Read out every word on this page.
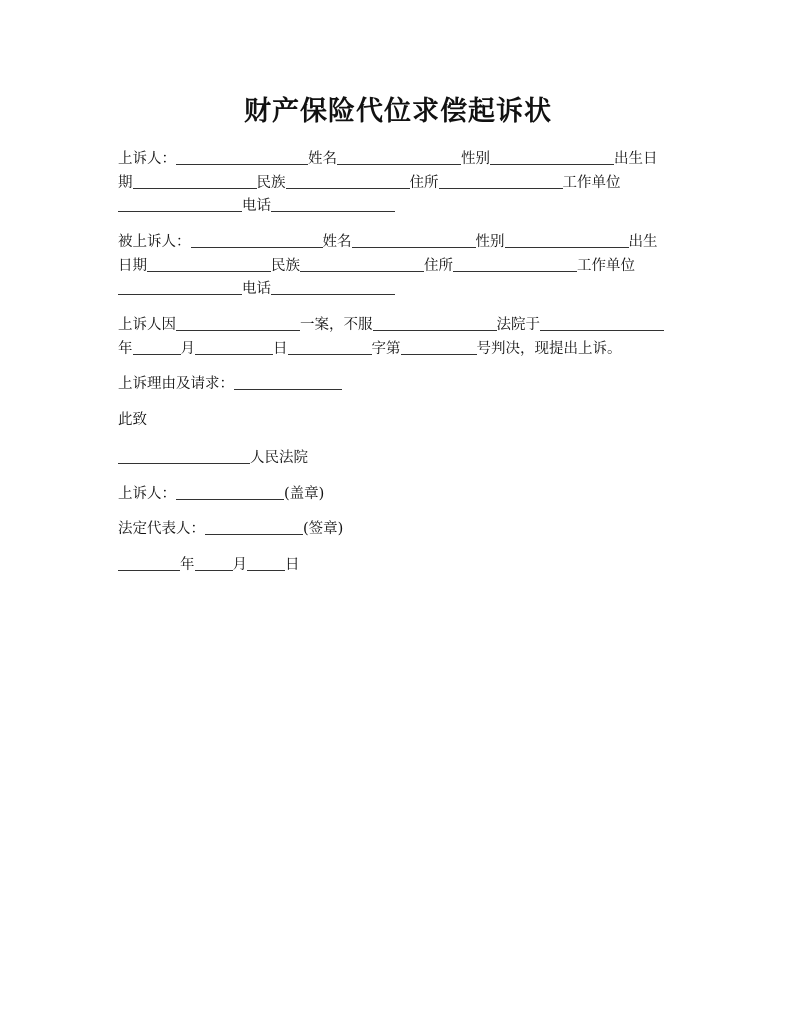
财产保险代位求偿起诉状
上诉人：	姓名	性别	出生日
期	民族	住所	工作单位
电话
被上诉人：	姓名	性别	出生
日期	民族	住所	工作单位
电话
上诉人因	一案，不服	法院于
年	月	日	字第	号判决，现提出上诉。
上诉理由及请求：
此致
人民法院
上诉人：	(盖章)
法定代表人：	(签章)
年	月	日
